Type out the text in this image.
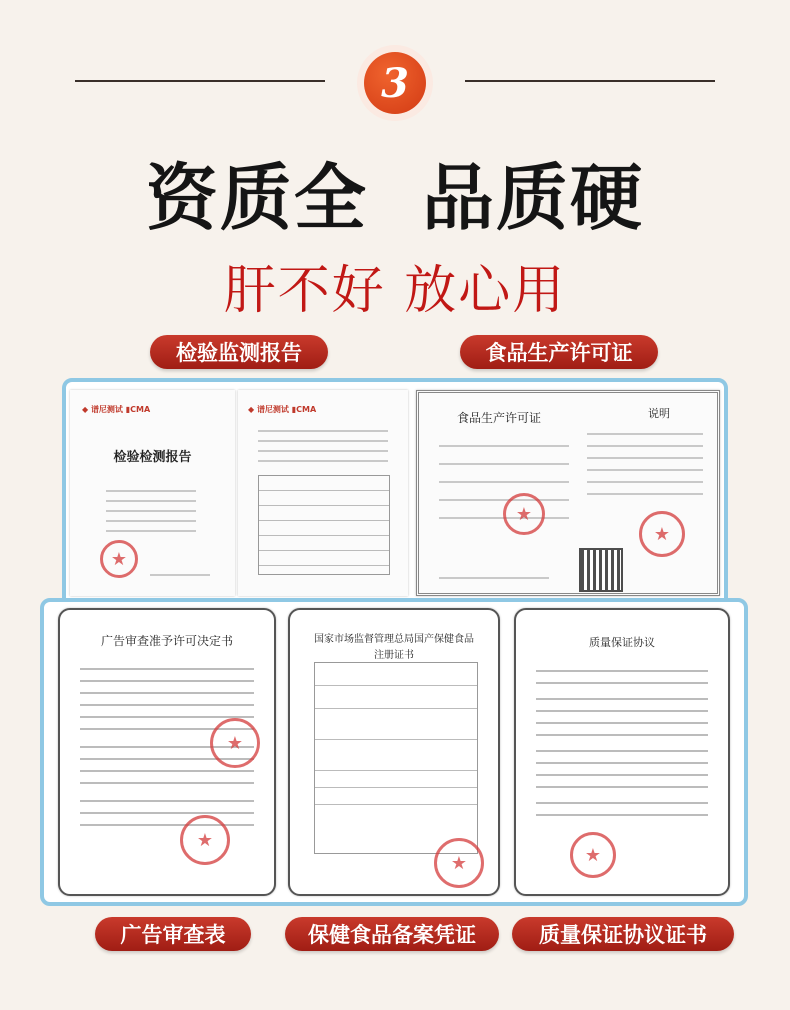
3
资质全  品质硬
肝不好 放心用
检验监测报告	食品生产许可证
◆ 谱尼测试 ▮CMA
检验检测报告
★
◆ 谱尼测试 ▮CMA
食品生产许可证	说明
★
★
广告审查准予许可决定书
★
★
国家市场监督管理总局国产保健食品
注册证书
★
质量保证协议
★
广告审查表	保健食品备案凭证	质量保证协议证书
